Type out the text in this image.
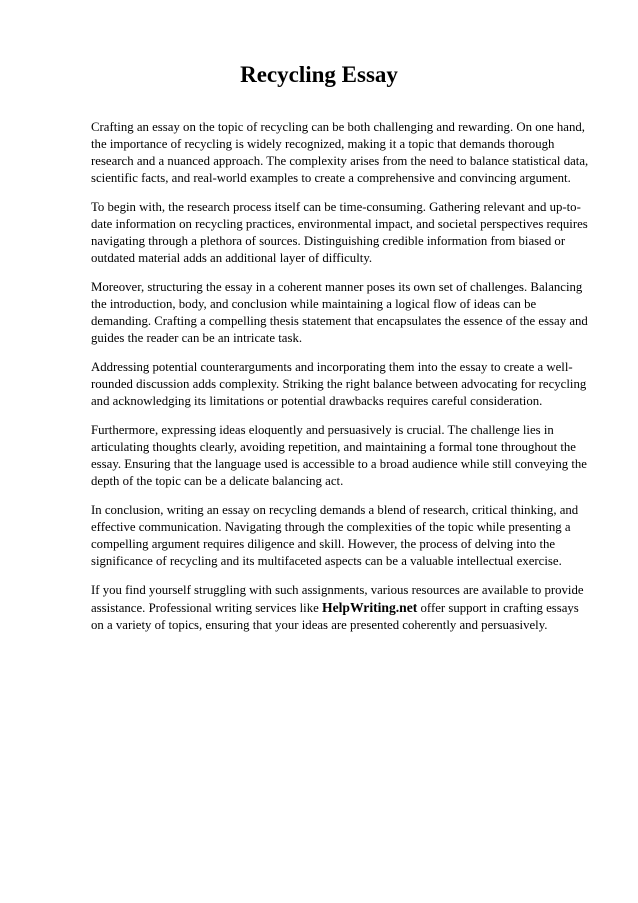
Recycling Essay

Crafting an essay on the topic of recycling can be both challenging and rewarding. On one hand, the importance of recycling is widely recognized, making it a topic that demands thorough research and a nuanced approach. The complexity arises from the need to balance statistical data, scientific facts, and real-world examples to create a comprehensive and convincing argument.

To begin with, the research process itself can be time-consuming. Gathering relevant and up-to-date information on recycling practices, environmental impact, and societal perspectives requires navigating through a plethora of sources. Distinguishing credible information from biased or outdated material adds an additional layer of difficulty.

Moreover, structuring the essay in a coherent manner poses its own set of challenges. Balancing the introduction, body, and conclusion while maintaining a logical flow of ideas can be demanding. Crafting a compelling thesis statement that encapsulates the essence of the essay and guides the reader can be an intricate task.

Addressing potential counterarguments and incorporating them into the essay to create a well-rounded discussion adds complexity. Striking the right balance between advocating for recycling and acknowledging its limitations or potential drawbacks requires careful consideration.

Furthermore, expressing ideas eloquently and persuasively is crucial. The challenge lies in articulating thoughts clearly, avoiding repetition, and maintaining a formal tone throughout the essay. Ensuring that the language used is accessible to a broad audience while still conveying the depth of the topic can be a delicate balancing act.

In conclusion, writing an essay on recycling demands a blend of research, critical thinking, and effective communication. Navigating through the complexities of the topic while presenting a compelling argument requires diligence and skill. However, the process of delving into the significance of recycling and its multifaceted aspects can be a valuable intellectual exercise.

If you find yourself struggling with such assignments, various resources are available to provide assistance. Professional writing services like HelpWriting.net offer support in crafting essays on a variety of topics, ensuring that your ideas are presented coherently and persuasively.
